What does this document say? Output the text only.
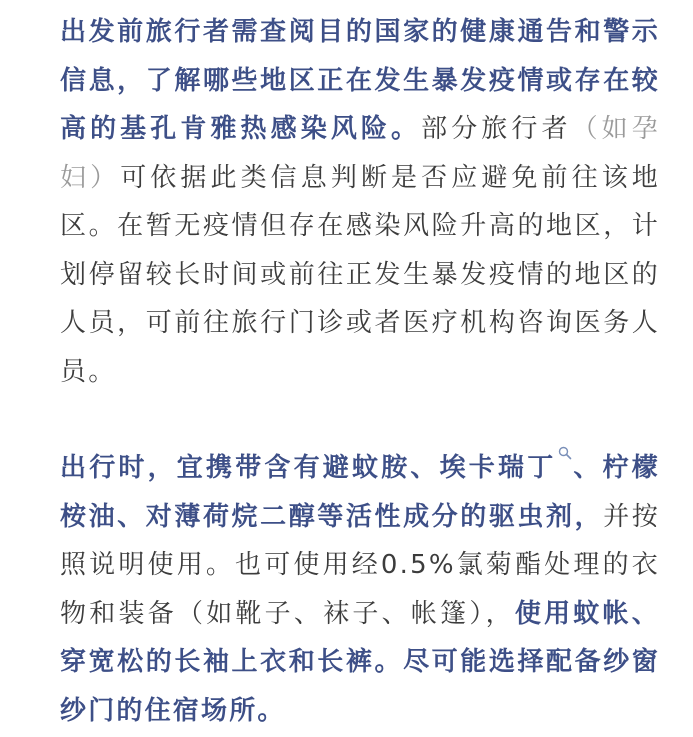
出发前旅行者需查阅目的国家的健康通告和警示信息，了解哪些地区正在发生暴发疫情或存在较高的基孔肯雅热感染风险。部分旅行者（如孕妇）可依据此类信息判断是否应避免前往该地区。在暂无疫情但存在感染风险升高的地区，计划停留较长时间或前往正发生暴发疫情的地区的人员，可前往旅行门诊或者医疗机构咨询医务人员。

出行时，宜携带含有避蚊胺、埃卡瑞丁 、柠檬桉油、对薄荷烷二醇等活性成分的驱虫剂，并按照说明使用。也可使用经0.5%氯菊酯处理的衣物和装备（如靴子、袜子、帐篷），使用蚊帐、穿宽松的长袖上衣和长裤。尽可能选择配备纱窗纱门的住宿场所。
